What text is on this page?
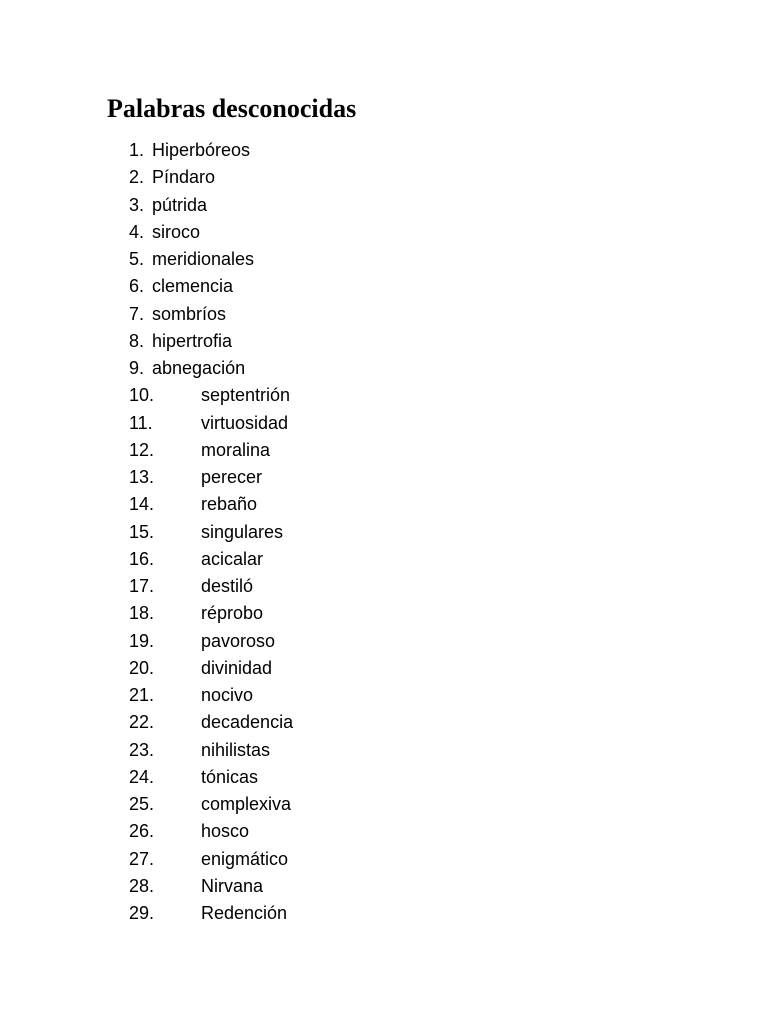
Palabras desconocidas
1. Hiperbóreos
2. Píndaro
3. pútrida
4. siroco
5. meridionales
6. clemencia
7. sombríos
8. hipertrofia
9. abnegación
10.	septentrión
11.	virtuosidad
12.	moralina
13.	perecer
14.	rebaño
15.	singulares
16.	acicalar
17.	destiló
18.	réprobo
19.	pavoroso
20.	divinidad
21.	nocivo
22.	decadencia
23.	nihilistas
24.	tónicas
25.	complexiva
26.	hosco
27.	enigmático
28.	Nirvana
29.	Redención
